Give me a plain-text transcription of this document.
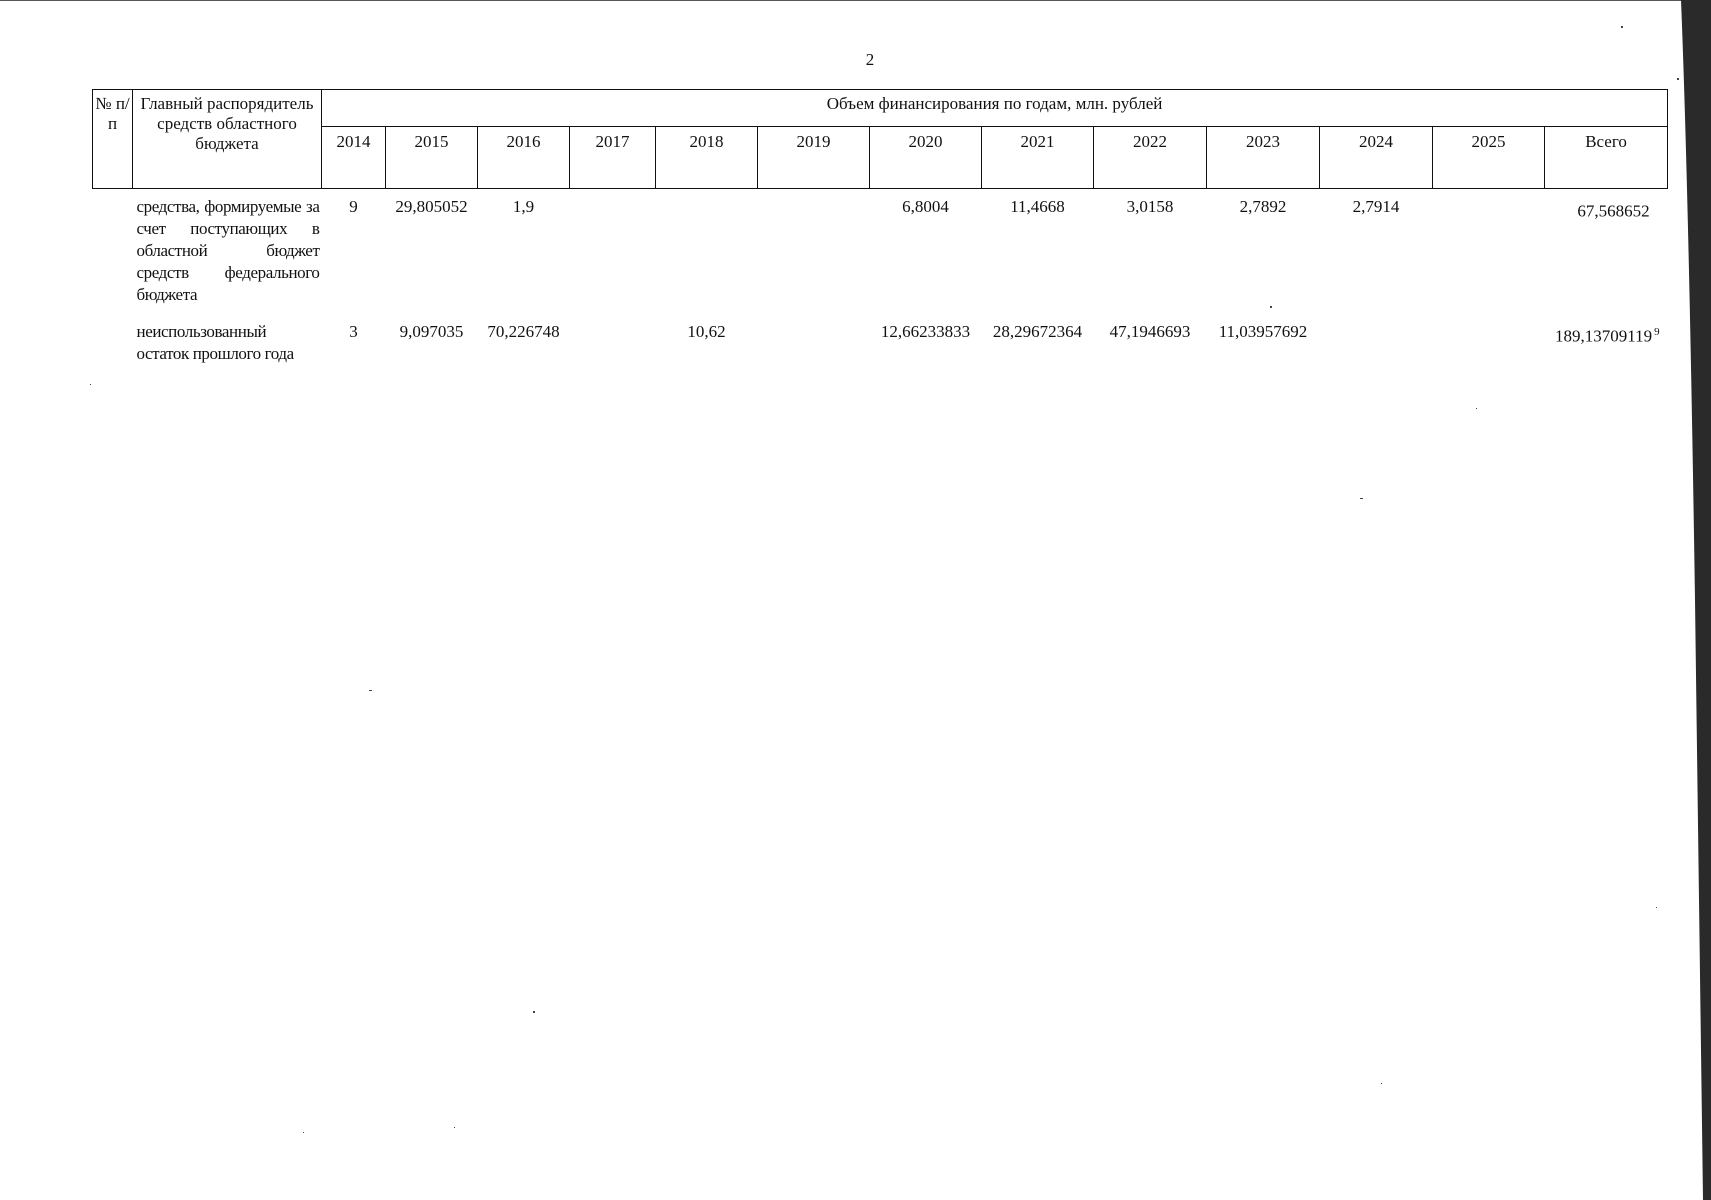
2
№ п/п	Главный распорядитель средств областного бюджета	Объем финансирования по годам, млн. рублей												
		2014	2015	2016	2017	2018	2019	2020	2021	2022	2023	2024	2025	Всего
	средства, формируемые за счет поступающих в областной бюджет средств федерального бюджета	9	29,805052	1,9				6,8004	11,4668	3,0158	2,7892	2,7914		67,568652
	неиспользованный остаток прошлого года	3	9,097035	70,226748		10,62		12,66233833	28,29672364	47,1946693	11,03957692			189,13709119 $^9$
